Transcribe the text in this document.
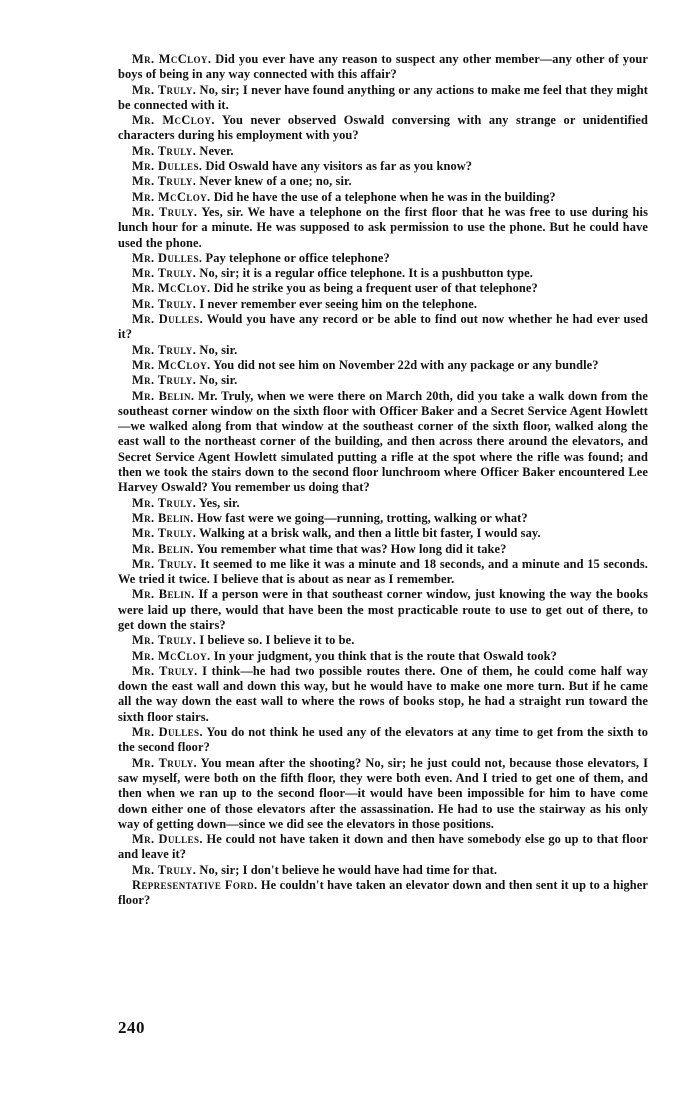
Mr. McCloy. Did you ever have any reason to suspect any other member—any other of your boys of being in any way connected with this affair?

Mr. Truly. No, sir; I never have found anything or any actions to make me feel that they might be connected with it.

Mr. McCloy. You never observed Oswald conversing with any strange or unidentified characters during his employment with you?

Mr. Truly. Never.

Mr. Dulles. Did Oswald have any visitors as far as you know?

Mr. Truly. Never knew of a one; no, sir.

Mr. McCloy. Did he have the use of a telephone when he was in the building?

Mr. Truly. Yes, sir. We have a telephone on the first floor that he was free to use during his lunch hour for a minute. He was supposed to ask permission to use the phone. But he could have used the phone.

Mr. Dulles. Pay telephone or office telephone?

Mr. Truly. No, sir; it is a regular office telephone. It is a pushbutton type.

Mr. McCloy. Did he strike you as being a frequent user of that telephone?

Mr. Truly. I never remember ever seeing him on the telephone.

Mr. Dulles. Would you have any record or be able to find out now whether he had ever used it?

Mr. Truly. No, sir.

Mr. McCloy. You did not see him on November 22d with any package or any bundle?

Mr. Truly. No, sir.

Mr. Belin. Mr. Truly, when we were there on March 20th, did you take a walk down from the southeast corner window on the sixth floor with Officer Baker and a Secret Service Agent Howlett—we walked along from that window at the southeast corner of the sixth floor, walked along the east wall to the northeast corner of the building, and then across there around the elevators, and Secret Service Agent Howlett simulated putting a rifle at the spot where the rifle was found; and then we took the stairs down to the second floor lunchroom where Officer Baker encountered Lee Harvey Oswald? You remember us doing that?

Mr. Truly. Yes, sir.

Mr. Belin. How fast were we going—running, trotting, walking or what?

Mr. Truly. Walking at a brisk walk, and then a little bit faster, I would say.

Mr. Belin. You remember what time that was? How long did it take?

Mr. Truly. It seemed to me like it was a minute and 18 seconds, and a minute and 15 seconds. We tried it twice. I believe that is about as near as I remember.

Mr. Belin. If a person were in that southeast corner window, just knowing the way the books were laid up there, would that have been the most practicable route to use to get out of there, to get down the stairs?

Mr. Truly. I believe so. I believe it to be.

Mr. McCloy. In your judgment, you think that is the route that Oswald took?

Mr. Truly. I think—he had two possible routes there. One of them, he could come half way down the east wall and down this way, but he would have to make one more turn. But if he came all the way down the east wall to where the rows of books stop, he had a straight run toward the sixth floor stairs.

Mr. Dulles. You do not think he used any of the elevators at any time to get from the sixth to the second floor?

Mr. Truly. You mean after the shooting? No, sir; he just could not, because those elevators, I saw myself, were both on the fifth floor, they were both even. And I tried to get one of them, and then when we ran up to the second floor—it would have been impossible for him to have come down either one of those elevators after the assassination. He had to use the stairway as his only way of getting down—since we did see the elevators in those positions.

Mr. Dulles. He could not have taken it down and then have somebody else go up to that floor and leave it?

Mr. Truly. No, sir; I don't believe he would have had time for that.

Representative Ford. He couldn't have taken an elevator down and then sent it up to a higher floor?

240
